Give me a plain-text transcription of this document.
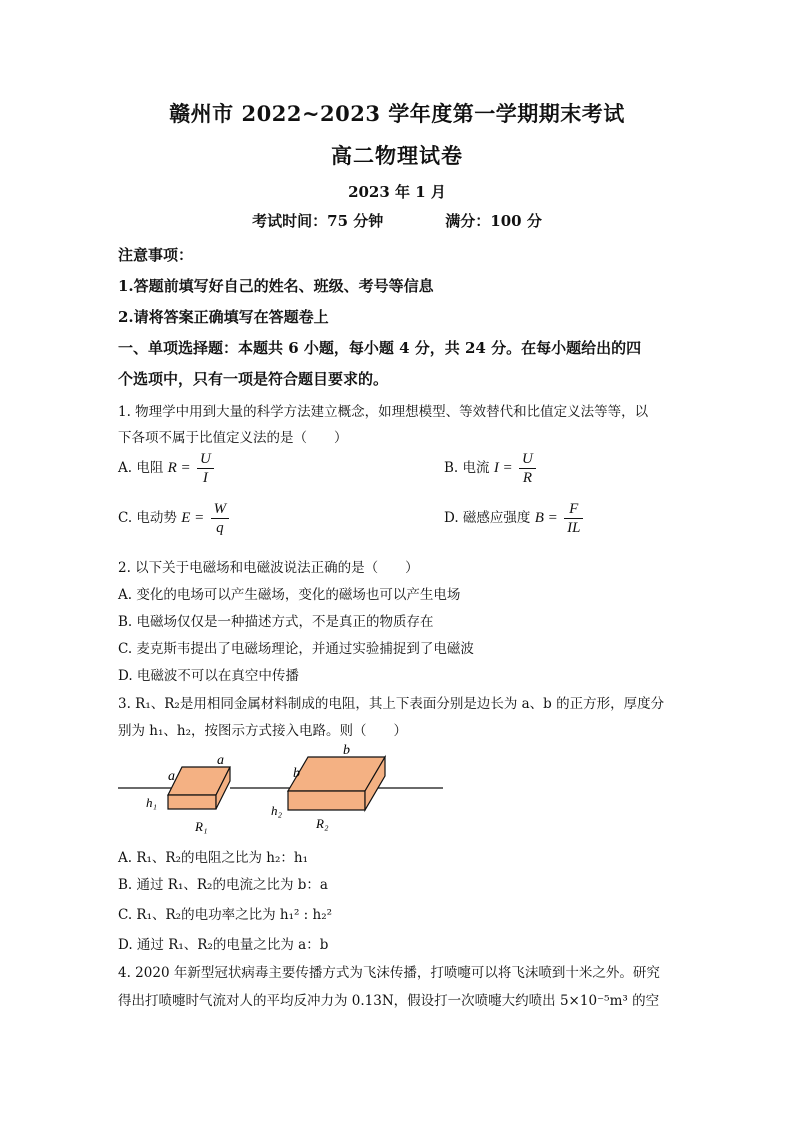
赣州市 2022~2023 学年度第一学期期末考试
高二物理试卷
2023 年 1 月
考试时间：75 分钟	满分：100 分
注意事项：
1.答题前填写好自己的姓名、班级、考号等信息
2.请将答案正确填写在答题卷上
一、单项选择题：本题共 6 小题，每小题 4 分，共 24 分。在每小题给出的四
个选项中，只有一项是符合题目要求的。
1. 物理学中用到大量的科学方法建立概念，如理想模型、等效替代和比值定义法等等，以
下各项不属于比值定义法的是（　　）
A. 电阻 $R = \frac{U}{I}$	B. 电流 $I = \frac{U}{R}$
C. 电动势 $E = \frac{W}{q}$	D. 磁感应强度 $B = \frac{F}{IL}$
2. 以下关于电磁场和电磁波说法正确的是（　　）
A. 变化的电场可以产生磁场，变化的磁场也可以产生电场
B. 电磁场仅仅是一种描述方式，不是真正的物质存在
C. 麦克斯韦提出了电磁场理论，并通过实验捕捉到了电磁波
D. 电磁波不可以在真空中传播
3. R₁、R₂是用相同金属材料制成的电阻，其上下表面分别是边长为 a、b 的正方形，厚度分
别为 h₁、h₂，按图示方式接入电路。则（　　）
a
a
h₁
R₁
b
b
h₂
R₂
A. R₁、R₂的电阻之比为 h₂：h₁
B. 通过 R₁、R₂的电流之比为 b：a
C. R₁、R₂的电功率之比为 h₁² : h₂²
D. 通过 R₁、R₂的电量之比为 a：b
4. 2020 年新型冠状病毒主要传播方式为飞沫传播，打喷嚏可以将飞沫喷到十米之外。研究
得出打喷嚏时气流对人的平均反冲力为 0.13N，假设打一次喷嚏大约喷出 5×10⁻⁵m³ 的空
